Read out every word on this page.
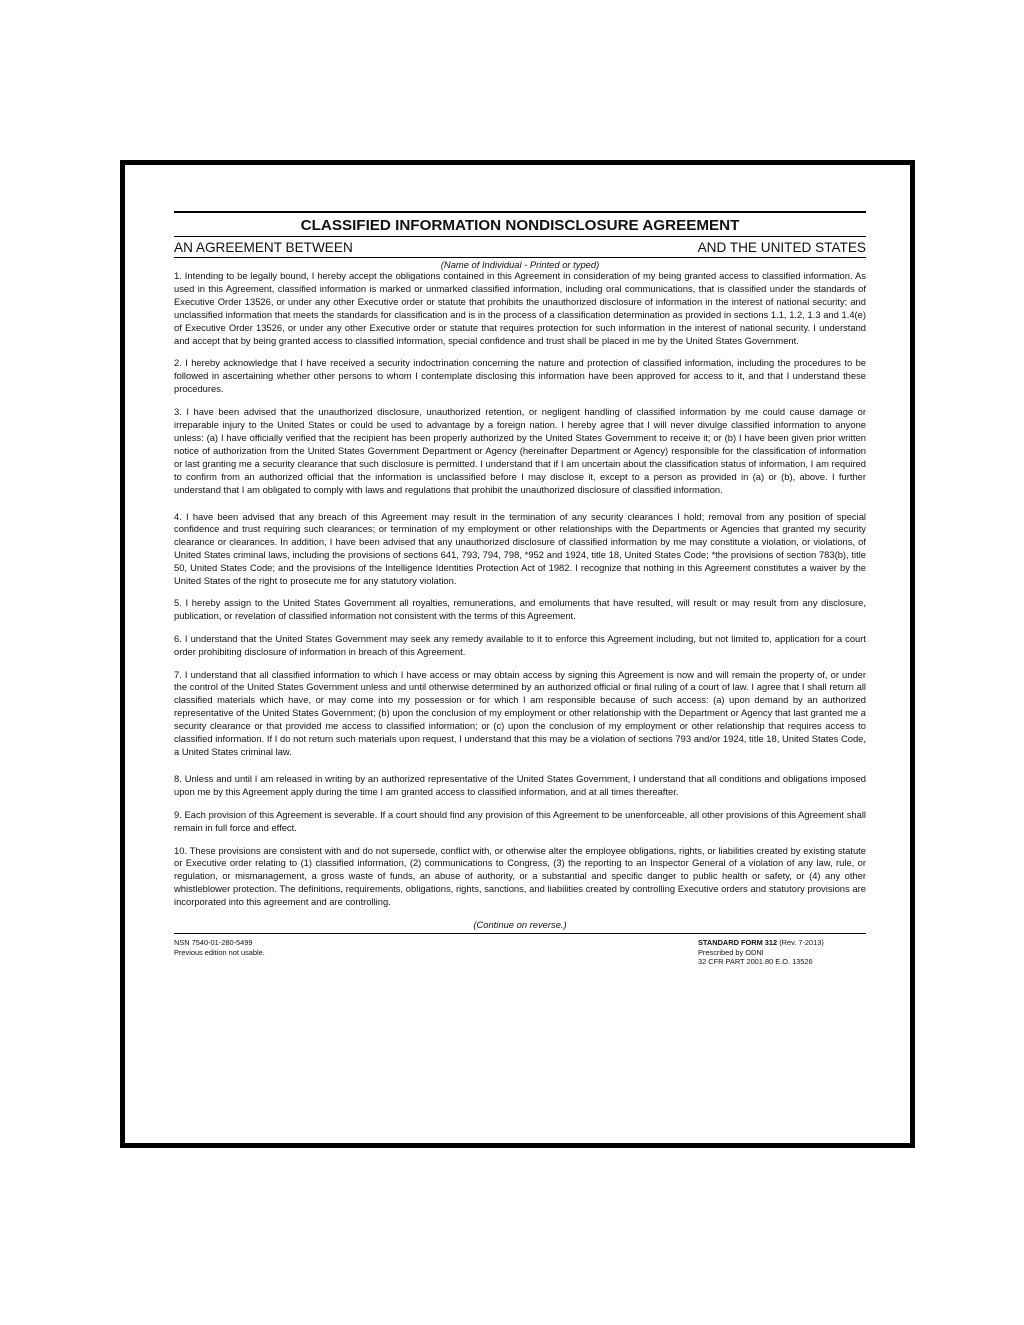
CLASSIFIED INFORMATION NONDISCLOSURE AGREEMENT
AN AGREEMENT BETWEEN	AND THE UNITED STATES
(Name of Individual - Printed or typed)

1. Intending to be legally bound, I hereby accept the obligations contained in this Agreement in consideration of my being granted access to classified information. As used in this Agreement, classified information is marked or unmarked classified information, including oral communications, that is classified under the standards of Executive Order 13526, or under any other Executive order or statute that prohibits the unauthorized disclosure of information in the interest of national security; and unclassified information that meets the standards for classification and is in the process of a classification determination as provided in sections 1.1, 1.2, 1.3 and 1.4(e) of Executive Order 13526, or under any other Executive order or statute that requires protection for such information in the interest of national security. I understand and accept that by being granted access to classified information, special confidence and trust shall be placed in me by the United States Government.

2. I hereby acknowledge that I have received a security indoctrination concerning the nature and protection of classified information, including the procedures to be followed in ascertaining whether other persons to whom I contemplate disclosing this information have been approved for access to it, and that I understand these procedures.

3. I have been advised that the unauthorized disclosure, unauthorized retention, or negligent handling of classified information by me could cause damage or irreparable injury to the United States or could be used to advantage by a foreign nation. I hereby agree that I will never divulge classified information to anyone unless: (a) I have officially verified that the recipient has been properly authorized by the United States Government to receive it; or (b) I have been given prior written notice of authorization from the United States Government Department or Agency (hereinafter Department or Agency) responsible for the classification of information or last granting me a security clearance that such disclosure is permitted. I understand that if I am uncertain about the classification status of information, I am required to confirm from an authorized official that the information is unclassified before I may disclose it, except to a person as provided in (a) or (b), above. I further understand that I am obligated to comply with laws and regulations that prohibit the unauthorized disclosure of classified information.

4. I have been advised that any breach of this Agreement may result in the termination of any security clearances I hold; removal from any position of special confidence and trust requiring such clearances; or termination of my employment or other relationships with the Departments or Agencies that granted my security clearance or clearances. In addition, I have been advised that any unauthorized disclosure of classified information by me may constitute a violation, or violations, of United States criminal laws, including the provisions of sections 641, 793, 794, 798, *952 and 1924, title 18, United States Code; *the provisions of section 783(b), title 50, United States Code; and the provisions of the Intelligence Identities Protection Act of 1982. I recognize that nothing in this Agreement constitutes a waiver by the United States of the right to prosecute me for any statutory violation.

5. I hereby assign to the United States Government all royalties, remunerations, and emoluments that have resulted, will result or may result from any disclosure, publication, or revelation of classified information not consistent with the terms of this Agreement.

6. I understand that the United States Government may seek any remedy available to it to enforce this Agreement including, but not limited to, application for a court order prohibiting disclosure of information in breach of this Agreement.

7. I understand that all classified information to which I have access or may obtain access by signing this Agreement is now and will remain the property of, or under the control of the United States Government unless and until otherwise determined by an authorized official or final ruling of a court of law. I agree that I shall return all classified materials which have, or may come into my possession or for which I am responsible because of such access: (a) upon demand by an authorized representative of the United States Government; (b) upon the conclusion of my employment or other relationship with the Department or Agency that last granted me a security clearance or that provided me access to classified information; or (c) upon the conclusion of my employment or other relationship that requires access to classified information. If I do not return such materials upon request, I understand that this may be a violation of sections 793 and/or 1924, title 18, United States Code, a United States criminal law.

8. Unless and until I am released in writing by an authorized representative of the United States Government, I understand that all conditions and obligations imposed upon me by this Agreement apply during the time I am granted access to classified information, and at all times thereafter.

9. Each provision of this Agreement is severable. If a court should find any provision of this Agreement to be unenforceable, all other provisions of this Agreement shall remain in full force and effect.

10. These provisions are consistent with and do not supersede, conflict with, or otherwise alter the employee obligations, rights, or liabilities created by existing statute or Executive order relating to (1) classified information, (2) communications to Congress, (3) the reporting to an Inspector General of a violation of any law, rule, or regulation, or mismanagement, a gross waste of funds, an abuse of authority, or a substantial and specific danger to public health or safety, or (4) any other whistleblower protection. The definitions, requirements, obligations, rights, sanctions, and liabilities created by controlling Executive orders and statutory provisions are incorporated into this agreement and are controlling.

(Continue on reverse.)
NSN 7540-01-280-5499
Previous edition not usable.
STANDARD FORM 312 (Rev. 7-2013)
Prescribed by ODNI
32 CFR PART 2001.80 E.O. 13526
